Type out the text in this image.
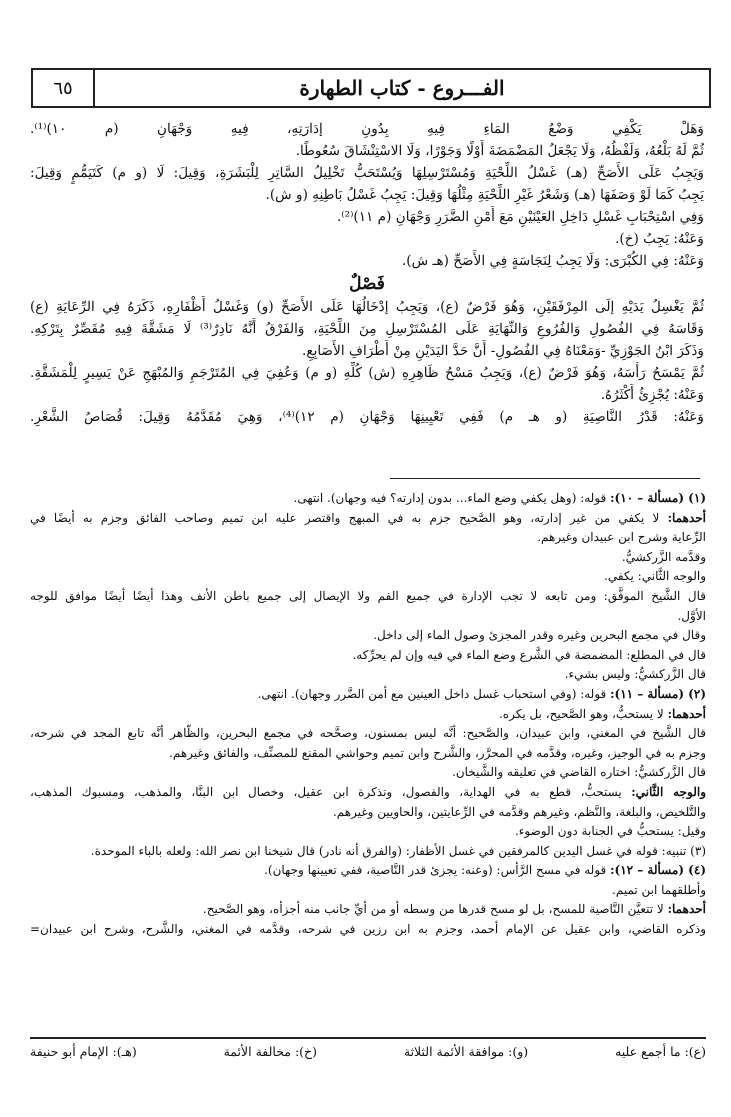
٦٥	الفـــروع - كتاب الطهارة
وَهَلْ يَكْفِي وَضْعُ المَاءِ فِيهِ بِدُونِ إدَارَتِهِ، فِيهِ وَجْهَانِ (م ١٠)⁽¹⁾.
ثُمَّ لَهُ بَلْعُهُ، وَلَفْظُهُ، وَلَا يَجْعَلُ المَضْمَضَةَ أَوْلًا وَجَوْرًا، وَلَا الاسْتِنْشَاقَ سُعُوطًا.
وَيَجِبُ عَلَى الأَصَحِّ (هـ) غَسْلُ اللِّحْيَةِ وَمُسْتَرْسِلِهَا وَيُسْتَحَبُّ تَخْلِيلُ السَّاتِرِ لِلْبَشَرَةِ، وَقِيلَ: لَا (و م) كَتَيَمُّمٍ وَقِيلَ:
يَجِبُ كَمَا لَوْ وَصَفَهَا (هـ) وَشَعْرُ غَيْرِ اللِّحْيَةِ مِثْلُهَا وَقِيلَ: يَجِبُ غَسْلُ بَاطِنِهِ (و ش).
وَفِي اسْتِحْبَابِ غَسْلِ دَاخِلِ العَيْنَيْنِ مَعَ أَمْنِ الضَّرَرِ وَجْهَانِ (م ١١)⁽²⁾.
وَعَنْهُ: يَجِبُ (خ).
وَعَنْهُ: فِي الكُبْرَى: وَلَا يَجِبُ لِنَجَاسَةٍ فِي الأَصَحِّ (هـ ش).
فَصْلٌ
ثُمَّ يَغْسِلُ يَدَيْهِ إلَى المِرْفَقَيْنِ، وَهُوَ فَرْضٌ (ع)، وَيَجِبُ إدْخَالُهَا عَلَى الأَصَحِّ (و) وَغَسْلُ أَظْفَارِهِ، ذَكَرَهُ فِي الرِّعَايَةِ (ع)
وَقَاسَهُ فِي الفُصُولِ وَالفُرُوعِ وَالنِّهَايَةِ عَلَى المُسْتَرْسِلِ مِنَ اللِّحْيَةِ، وَالفَرْقُ أَنَّهُ نَادِرٌ⁽³⁾ لَا مَشَقَّةَ فِيهِ مُقَصِّرٌ بِتَرْكِهِ.
وَذَكَرَ ابْنُ الجَوْزِيِّ -وَمَعْنَاهُ فِي الفُصُولِ- أَنَّ حَدَّ اليَدَيْنِ مِنْ أَطْرَافِ الأَصَابِعِ.
ثُمَّ يَمْسَحُ رَأْسَهُ، وَهُوَ فَرْضٌ (ع)، وَيَجِبُ مَسْحُ ظَاهِرِهِ (ش) كُلِّهِ (و م) وَعُفِيَ فِي المُتَرْجَمِ وَالمُبْهَجِ عَنْ يَسِيرٍ لِلْمَشَقَّةِ.
وَعَنْهُ: يُجْزِئُ أَكْثَرُهُ.
وَعَنْهُ: قَدْرُ النَّاصِيَةِ (و هـ م) فَفِي تَعْيِينِهَا وَجْهَانِ (م ١٢)⁽⁴⁾، وَهِيَ مُقَدَّمُهُ وَقِيلَ: قُصَاصُ الشَّعْرِ.
(١) (مسألة – ١٠): قوله: (وهل يكفي وضع الماء... بدون إدارته؟ فيه وجهان). انتهى.
أحدهما: لا يكفي من غير إدارته، وهو الصَّحيح جزم به في المبهج واقتصر عليه ابن تميم وصاحب الفائق وجزم به أيضًا في
الرِّعاية وشرح ابن عبيدان وغيرهم.
وقدَّمه الزَّركشيُّ.
والوجه الثَّاني: يكفي.
قال الشَّيخ الموفَّق: ومن تابعه لا تجب الإدارة في جميع الفم ولا الإيصال إلى جميع باطن الأنف وهذا أيضًا أيضًا موافق للوجه
الأوَّل.
وقال في مجمع البحرين وغيره وقدر المجزئ وصول الماء إلى داخل.
قال في المطلع: المضمضة في الشَّرع وضع الماء في فيه وإن لم يحرِّكه.
قال الزَّركشيُّ: وليس بشيء.
(٢) (مسألة – ١١): قوله: (وفي استحباب غسل داخل العينين مع أمن الضَّرر وجهان). انتهى.
أحدهما: لا يستحبُّ، وهو الصَّحيح، بل يكره.
قال الشَّيخ في المغني، وابن عبيدان، والصَّحيح: أنَّه ليس بمسنون، وصحَّحه في مجمع البحرين، والظَّاهر أنَّه تابع المجد في شرحه،
وجزم به في الوجيز، وغيره، وقدَّمه في المحرَّر، والشَّرح وابن تميم وحواشي المقنع للمصنِّف، والفائق وغيرهم.
قال الزَّركشيُّ: اختاره القاضي في تعليقه والشَّيخان.
والوجه الثَّاني: يستحبُّ، قطع به في الهداية، والفصول، وتذكرة ابن عقيل، وخصال ابن البنَّا، والمذهب، ومسبوك المذهب،
والتَّلخيص، والبلغة، والنَّظم، وغيرهم وقدَّمه في الرِّعايتين، والحاويين وغيرهم.
وقيل: يستحبُّ في الجنابة دون الوضوء.
(٣) تنبيه: قوله في غسل اليدين كالمرفقين في غسل الأظفار: (والفرق أنه نادر) قال شيخنا ابن نصر الله: ولعله بالباء الموحدة.
(٤) (مسألة – ١٢): قوله في مسح الرَّأس: (وعنه: يجزئ قدر النَّاصية، ففي تعيينها وجهان).
وأطلقهما ابن تميم.
أحدهما: لا تتعيَّن النَّاصية للمسح، بل لو مسح قدرها من وسطه أو من أيِّ جانب منه أجزأه، وهو الصَّحيح.
وذكره القاضي، وابن عقيل عن الإمام أحمد، وجزم به ابن رزين في شرحه، وقدَّمه في المغني، والشَّرح، وشرح ابن عبيدان=
(ع): ما أجمع عليه
(و): موافقة الأئمة الثلاثة
(خ): مخالفة الأئمة
(هـ): الإمام أبو حنيفة
